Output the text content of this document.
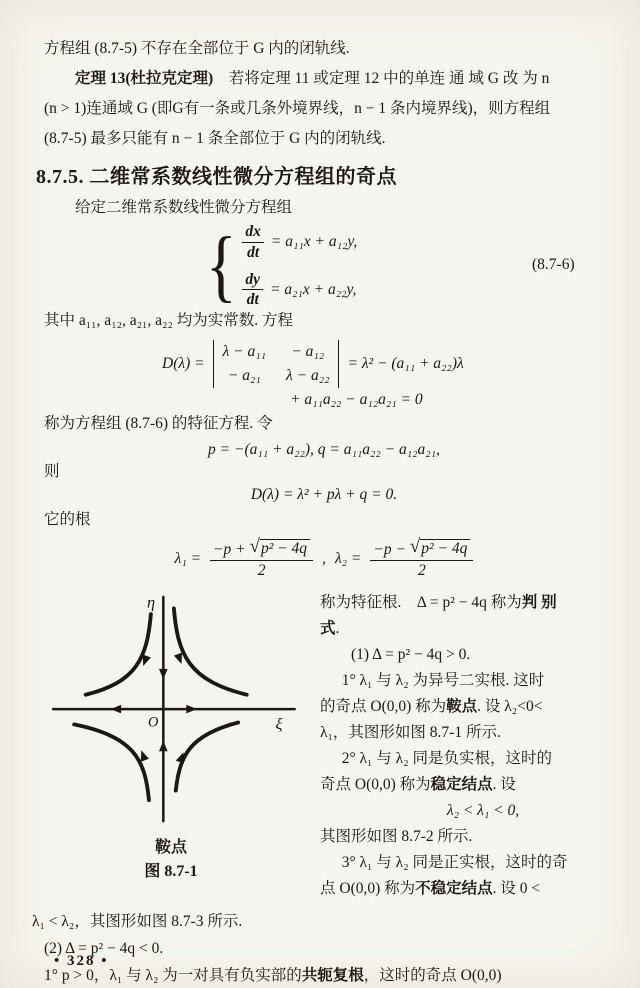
方程组 (8.7-5) 不存在全部位于 G 内的闭轨线.
定理 13(杜拉克定理)　若将定理 11 或定理 12 中的单连 通 域 G 改 为 n
(n > 1)连通域 G (即G有一条或几条外境界线，n − 1 条内境界线)，则方程组
(8.7-5) 最多只能有 n − 1 条全部位于 G 内的闭轨线.
8.7.5. 二维常系数线性微分方程组的奇点
给定二维常系数线性微分方程组
{ $\frac{dx}{dt} = a_{11}x + a_{12}y$,
$\frac{dy}{dt} = a_{21}x + a_{22}y$,
(8.7-6)
其中 a₁₁, a₁₂, a₂₁, a₂₂ 均为实常数. 方程
D(λ) =
λ − a₁₁	− a₁₂
− a₂₁	λ − a₂₂
= λ² − (a₁₁ + a₂₂)λ
+ a₁₁a₂₂ − a₁₂a₂₁ = 0
称为方程组 (8.7-6) 的特征方程. 令
p = −(a₁₁ + a₂₂), q = a₁₁a₂₂ − a₁₂a₂₁,
则
D(λ) = λ² + pλ + q = 0.
它的根
$\lambda_1 = \frac{\text{−p + √ p² − 4q}}{2}$ , $\lambda_2 = \frac{\text{−p − √ p² − 4q}}{2}$
η
ξ
O
鞍点
图 8.7-1

称为特征根.　Δ = p² − 4q 称为判 别

式.

(1) Δ = p² − 4q > 0.

1° λ₁ 与 λ₂ 为异号二实根. 这时

的奇点 O(0,0) 称为鞍点. 设 λ₂<0<

λ₁，其图形如图 8.7-1 所示.

2° λ₁ 与 λ₂ 同是负实根，这时的

奇点 O(0,0) 称为稳定结点. 设

λ₂ < λ₁ < 0,

其图形如图 8.7-2 所示.

3° λ₁ 与 λ₂ 同是正实根，这时的奇

点 O(0,0) 称为不稳定结点. 设 0 <

λ₁ < λ₂，其图形如图 8.7-3 所示.
(2) Δ = p² − 4q < 0.
1° p > 0，λ₁ 与 λ₂ 为一对具有负实部的共轭复根，这时的奇点 O(0,0)
• 328 •
